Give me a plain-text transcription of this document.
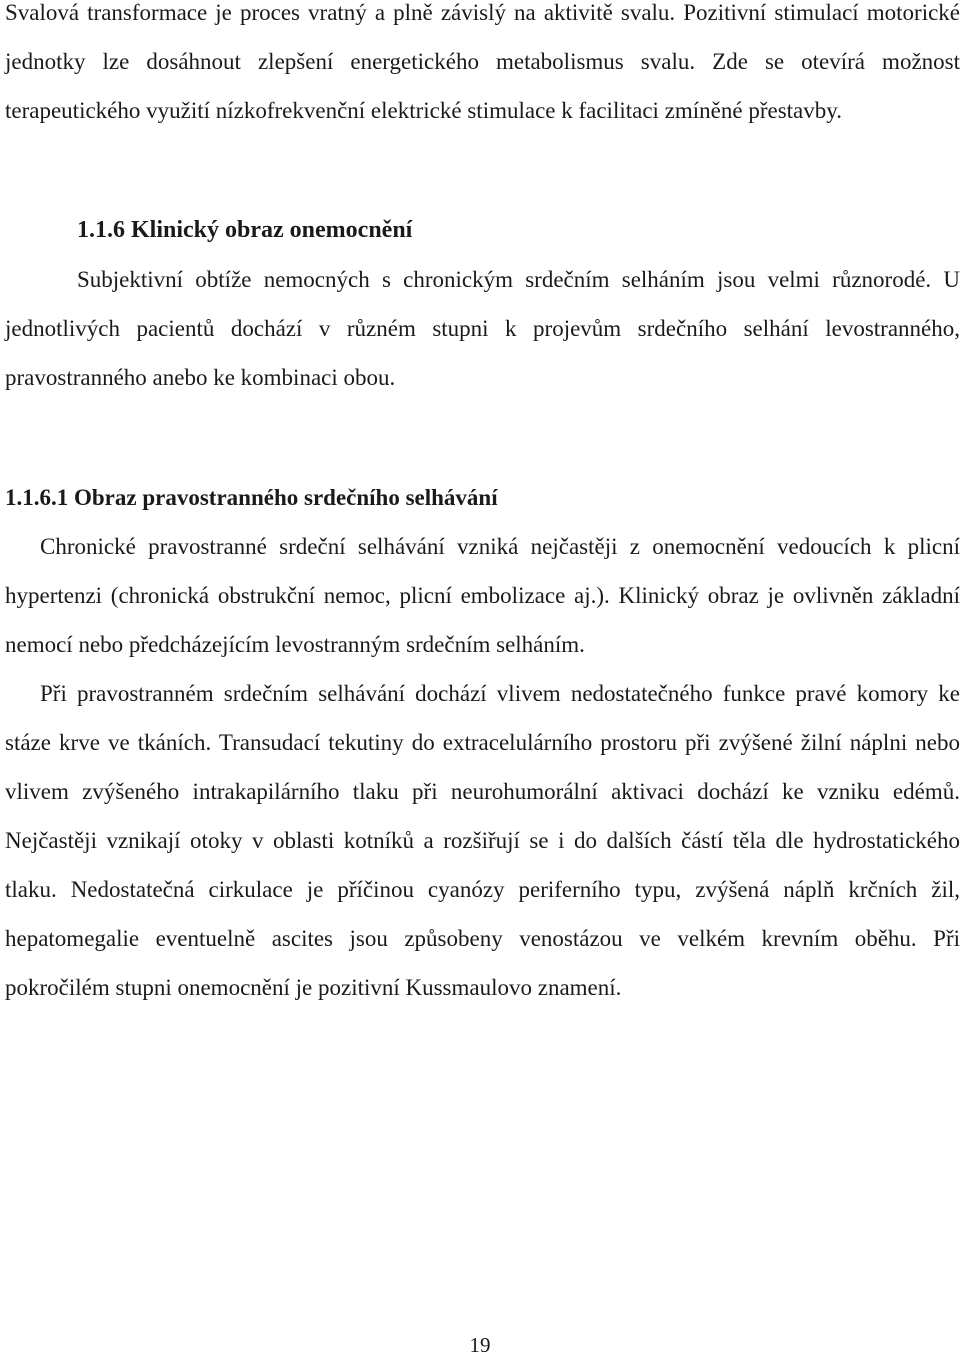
Svalová transformace je proces vratný a plně závislý na aktivitě svalu. Pozitivní stimulací motorické jednotky lze dosáhnout zlepšení energetického metabolismus svalu. Zde se otevírá možnost terapeutického využití nízkofrekvenční elektrické stimulace k facilitaci zmíněné přestavby.

1.1.6 Klinický obraz onemocnění

Subjektivní obtíže nemocných s chronickým srdečním selháním jsou velmi různorodé. U jednotlivých pacientů dochází v různém stupni k projevům srdečního selhání levostranného, pravostranného anebo ke kombinaci obou.

1.1.6.1 Obraz pravostranného srdečního selhávání

Chronické pravostranné srdeční selhávání vzniká nejčastěji z onemocnění vedoucích k plicní hypertenzi (chronická obstrukční nemoc, plicní embolizace aj.). Klinický obraz je ovlivněn základní nemocí nebo předcházejícím levostranným srdečním selháním.

Při pravostranném srdečním selhávání dochází vlivem nedostatečného funkce pravé komory ke stáze krve ve tkáních. Transudací tekutiny do extracelulárního prostoru při zvýšené žilní náplni nebo vlivem zvýšeného intrakapilárního tlaku při neurohumorální aktivaci dochází ke vzniku edémů. Nejčastěji vznikají otoky v oblasti kotníků a rozšiřují se i do dalších částí těla dle hydrostatického tlaku. Nedostatečná cirkulace je příčinou cyanózy periferního typu, zvýšená náplň krčních žil, hepatomegalie eventuelně ascites jsou způsobeny venostázou ve velkém krevním oběhu. Při pokročilém stupni onemocnění je pozitivní Kussmaulovo znamení.

19
